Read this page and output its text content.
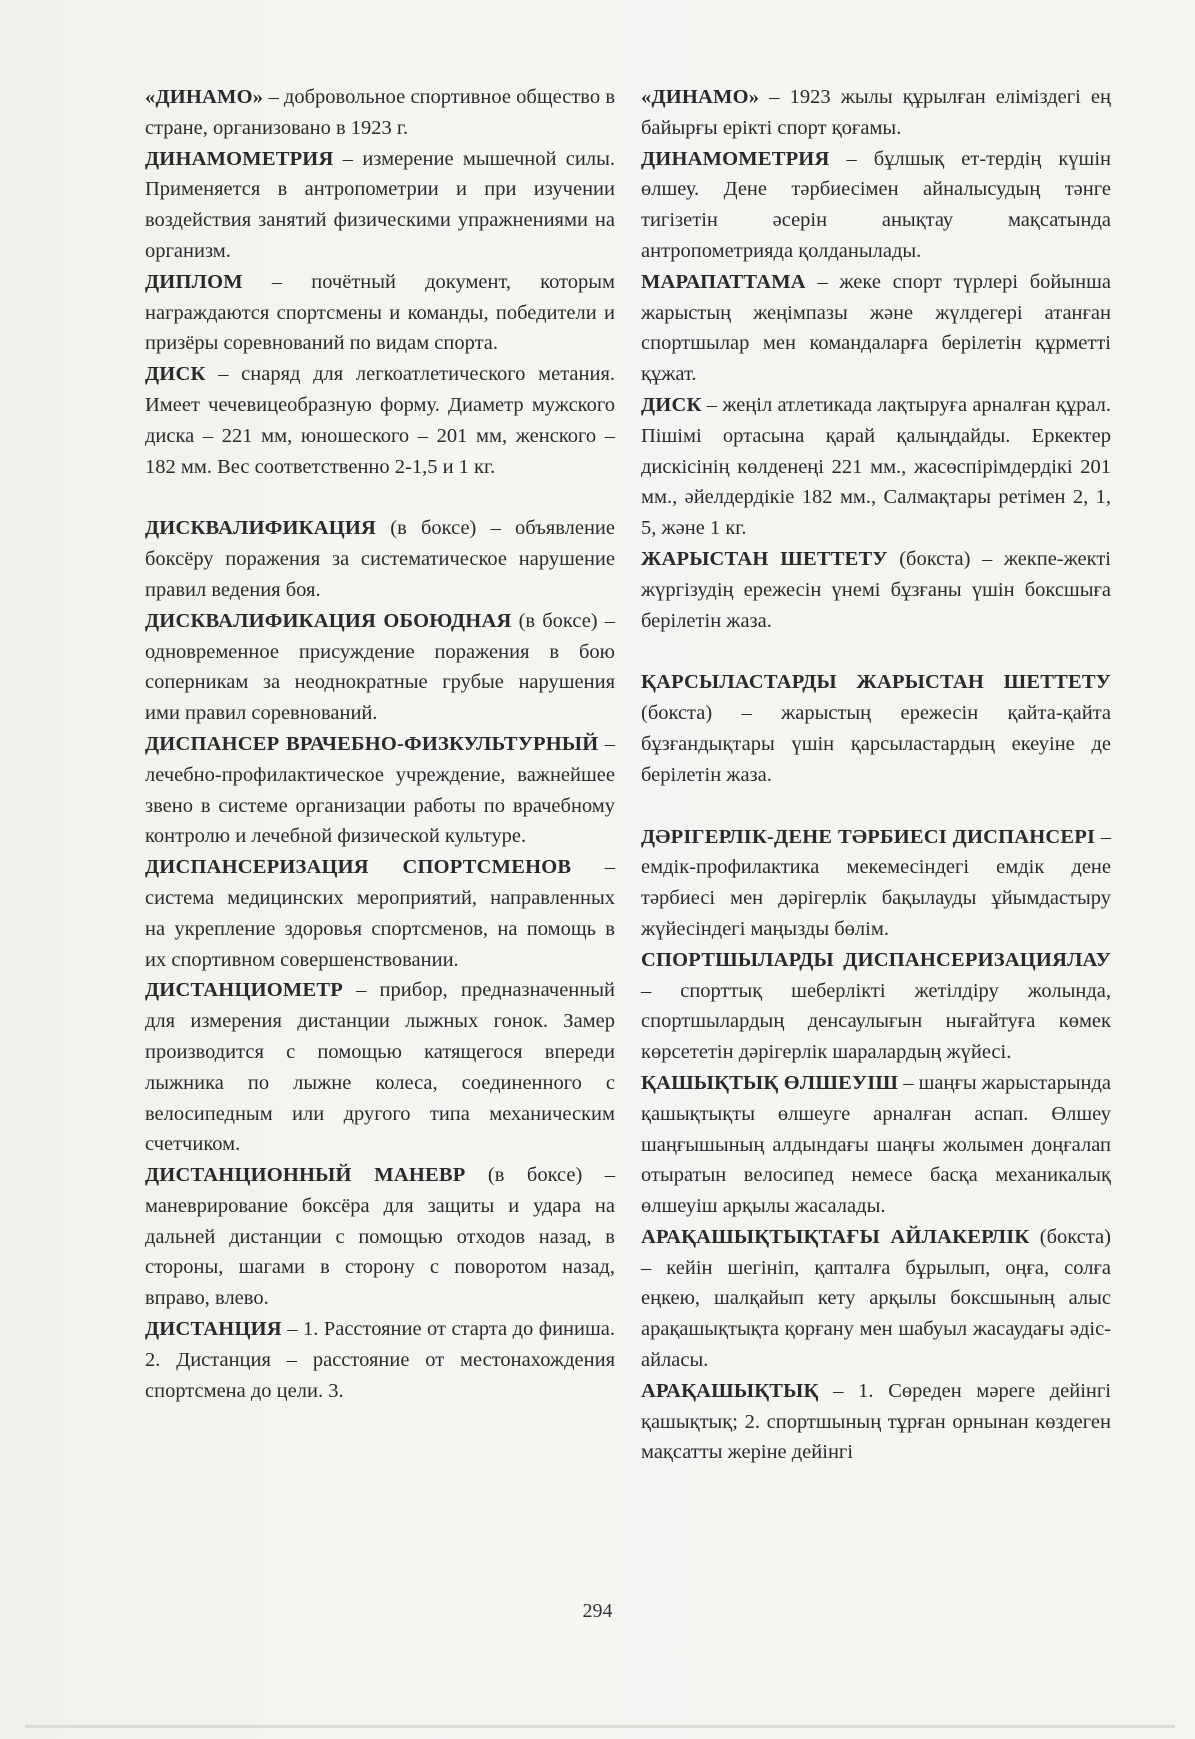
«ДИНАМО» – добровольное спортивное общество в стране, организовано в 1923 г.

ДИНАМОМЕТРИЯ – измерение мышечной силы. Применяется в антропометрии и при изучении воздействия занятий физическими упражнениями на организм.

ДИПЛОМ – почётный документ, которым награждаются спортсмены и команды, победители и призёры соревнований по видам спорта.

ДИСК – снаряд для легкоатлетического метания. Имеет чечевицеобразную форму. Диаметр мужского диска – 221 мм, юношеского – 201 мм, женского – 182 мм. Вес соответственно 2-1,5 и 1 кг.

ДИСКВАЛИФИКАЦИЯ (в боксе) – объявление боксёру поражения за систематическое нарушение правил ведения боя.

ДИСКВАЛИФИКАЦИЯ ОБОЮДНАЯ (в боксе) – одновременное присуждение поражения в бою соперникам за неоднократные грубые нарушения ими правил соревнований.

ДИСПАНСЕР ВРАЧЕБНО-ФИЗКУЛЬТУРНЫЙ – лечебно-профилактическое учреждение, важнейшее звено в системе организации работы по врачебному контролю и лечебной физической культуре.

ДИСПАНСЕРИЗАЦИЯ СПОРТСМЕНОВ – система медицинских мероприятий, направленных на укрепление здоровья спортсменов, на помощь в их спортивном совершенствовании.

ДИСТАНЦИОМЕТР – прибор, предназначенный для измерения дистанции лыжных гонок. Замер производится с помощью катящегося впереди лыжника по лыжне колеса, соединенного с велосипедным или другого типа механическим счетчиком.

ДИСТАНЦИОННЫЙ МАНЕВР (в боксе) – маневрирование боксёра для защиты и удара на дальней дистанции с помощью отходов назад, в стороны, шагами в сторону с поворотом назад, вправо, влево.

ДИСТАНЦИЯ – 1. Расстояние от старта до финиша. 2. Дистанция – расстояние от местонахождения спортсмена до цели. 3.

«ДИНАМО» – 1923 жылы құрылған еліміздегі ең байырғы ерікті спорт қоғамы.

ДИНАМОМЕТРИЯ – бұлшық ет-тердің күшін өлшеу. Дене тәрбиесімен айналысудың тәнге тигізетін әсерін анықтау мақсатында антропометрияда қолданылады.

МАРАПАТТАМА – жеке спорт түрлері бойынша жарыстың жеңімпазы және жүлдегері атанған спортшылар мен командаларға берілетін құрметті құжат.

ДИСК – жеңіл атлетикада лақтыруға арналған құрал. Пішімі ортасына қарай қалыңдайды. Еркектер дискісінің көлденеңі 221 мм., жасөспірімдердікі 201 мм., әйелдердікіе 182 мм., Салмақтары ретімен 2, 1, 5, және 1 кг.

ЖАРЫСТАН ШЕТТЕТУ (бокста) – жекпе-жекті жүргізудің ережесін үнемі бұзғаны үшін боксшыға берілетін жаза.

ҚАРСЫЛАСТАРДЫ ЖАРЫСТАН ШЕТТЕТУ (бокста) – жарыстың ережесін қайта-қайта бұзғандықтары үшін қарсыластардың екеуіне де берілетін жаза.

ДӘРІГЕРЛІК-ДЕНЕ ТӘРБИЕСІ ДИСПАНСЕРІ – емдік-профилактика мекемесіндегі емдік дене тәрбиесі мен дәрігерлік бақылауды ұйымдастыру жүйесіндегі маңызды бөлім.

СПОРТШЫЛАРДЫ ДИСПАНСЕРИЗАЦИЯЛАУ – спорттық шеберлікті жетілдіру жолында, спортшылардың денсаулығын нығайтуға көмек көрсететін дәрігерлік шаралардың жүйесі.

ҚАШЫҚТЫҚ ӨЛШЕУІШ – шаңғы жарыстарында қашықтықты өлшеуге арналған аспап. Өлшеу шаңғышының алдындағы шаңғы жолымен доңғалап отыратын велосипед немесе басқа механикалық өлшеуіш арқылы жасалады.

АРАҚАШЫҚТЫҚТАҒЫ АЙЛАКЕРЛІК (бокста) – кейін шегініп, қапталға бұрылып, оңға, солға еңкею, шалқайып кету арқылы боксшының алыс арақашықтықта қорғану мен шабуыл жасаудағы әдіс-айласы.

АРАҚАШЫҚТЫҚ – 1. Сөреден мәреге дейінгі қашықтық; 2. спортшының тұрған орнынан көздеген мақсатты жеріне дейінгі

294
